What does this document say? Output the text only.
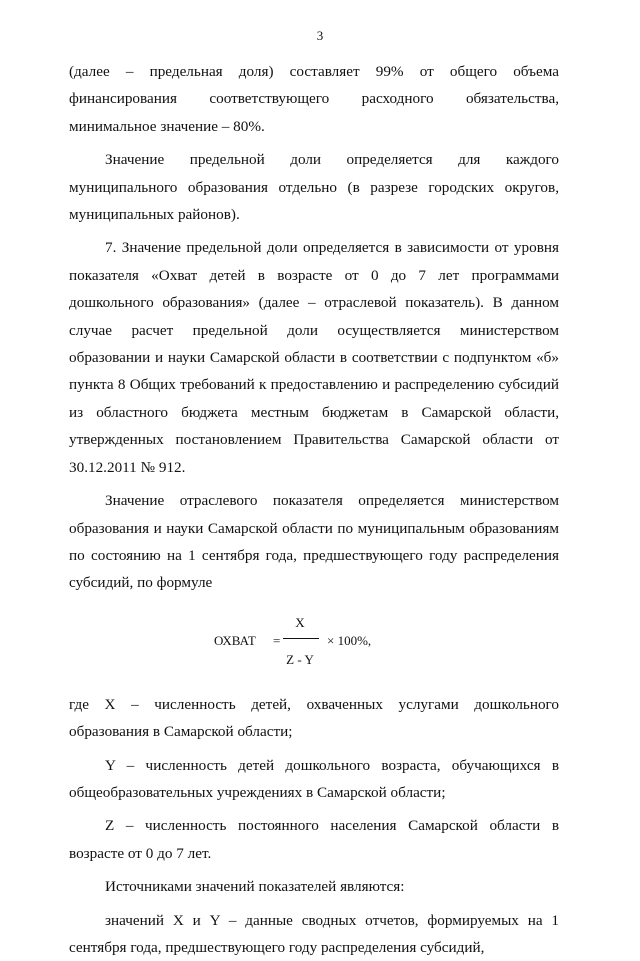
3

(далее – предельная доля) составляет 99% от общего объема финансирования соответствующего расходного обязательства, минимальное значение – 80%.

Значение предельной доли определяется для каждого муниципального образования отдельно (в разрезе городских округов, муниципальных районов).

7. Значение предельной доли определяется в зависимости от уровня показателя «Охват детей в возрасте от 0 до 7 лет программами дошкольного образования» (далее – отраслевой показатель). В данном случае расчет предельной доли осуществляется министерством образовании и науки Самарской области в соответствии с подпунктом «б» пункта 8 Общих требований к предоставлению и распределению субсидий из областного бюджета местным бюджетам в Самарской области, утвержденных постановлением Правительства Самарской области от 30.12.2011 № 912.

Значение отраслевого показателя определяется министерством образования и науки Самарской области по муниципальным образованиям по состоянию на 1 сентября года, предшествующего году распределения субсидий, по формуле

ОХВАТ =
X
Z - Y
× 100%,

где X – численность детей, охваченных услугами дошкольного образования в Самарской области;

Y – численность детей дошкольного возраста, обучающихся в общеобразовательных учреждениях в Самарской области;

Z – численность постоянного населения Самарской области в возрасте от 0 до 7 лет.

Источниками значений показателей являются:

значений X и Y – данные сводных отчетов, формируемых на 1 сентября года, предшествующего году распределения субсидий,
